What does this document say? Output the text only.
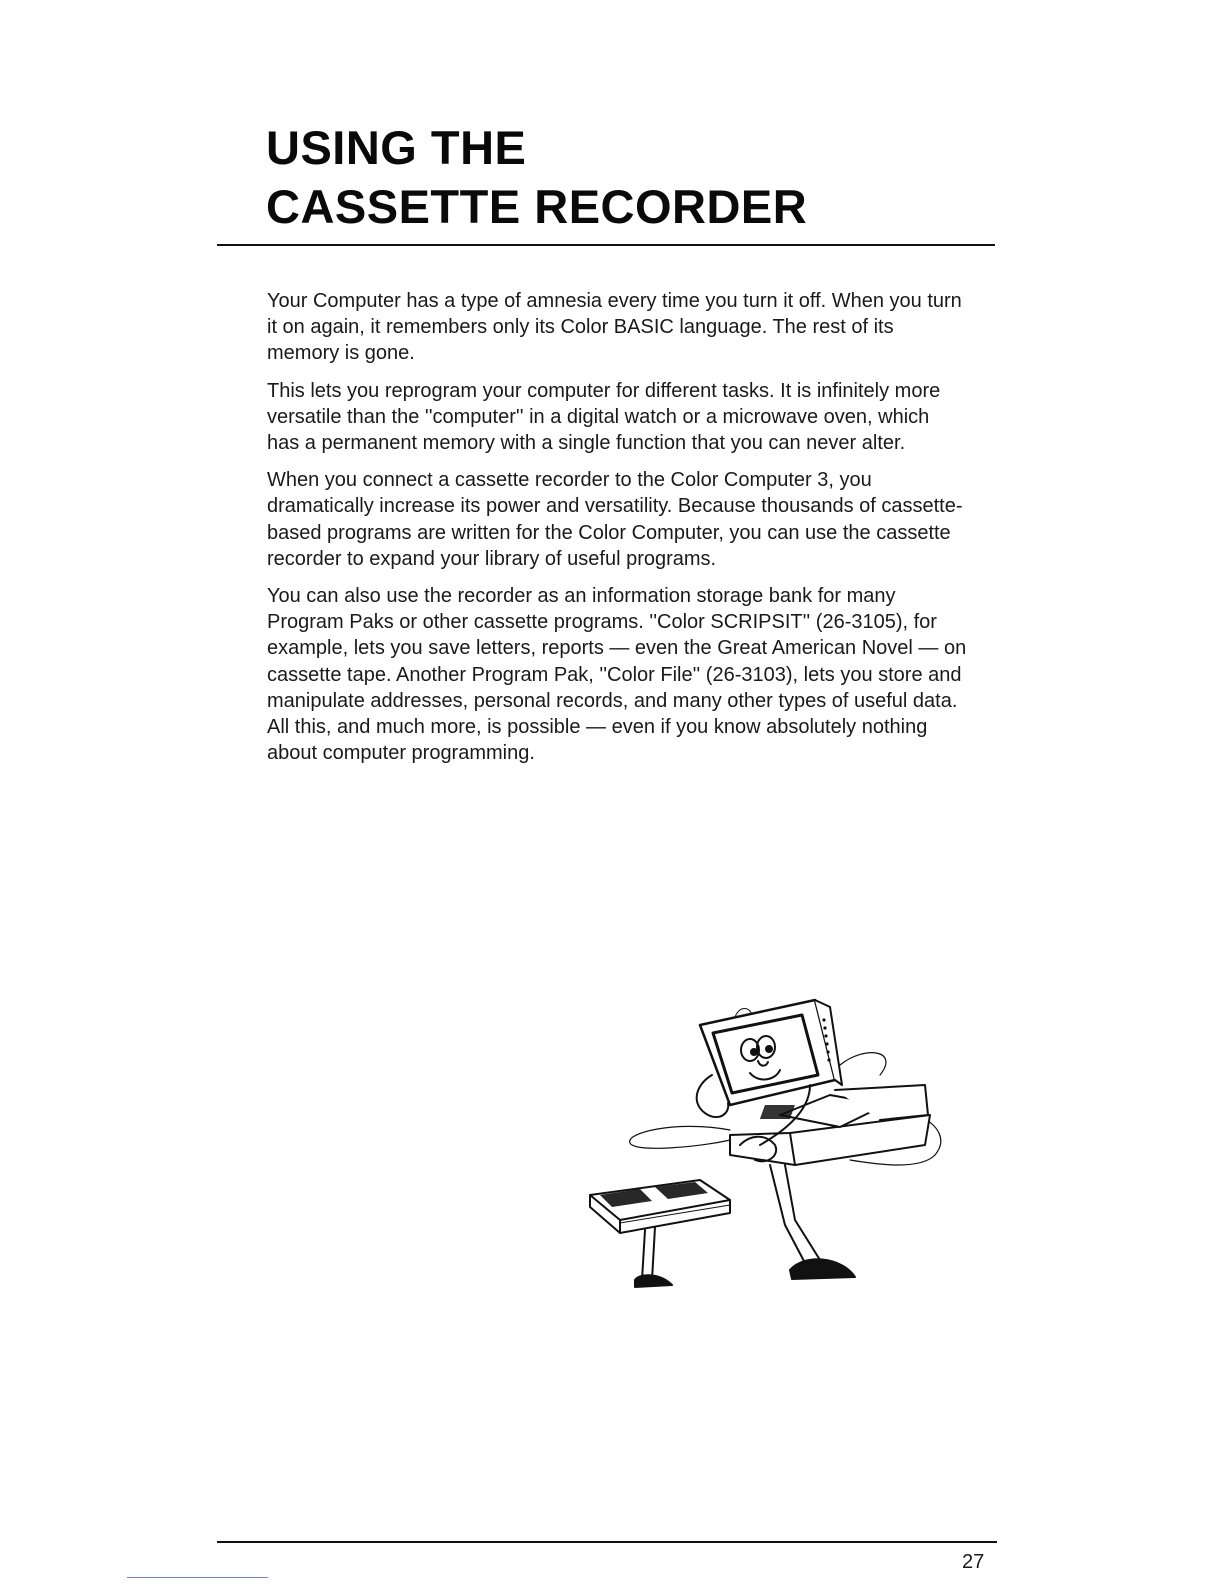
USING THE
CASSETTE RECORDER

Your Computer has a type of amnesia every time you turn it off. When you turn it on again, it remembers only its Color BASIC language. The rest of its memory is gone.

This lets you reprogram your computer for different tasks. It is infinitely more versatile than the ''computer'' in a digital watch or a microwave oven, which has a permanent memory with a single function that you can never alter.

When you connect a cassette recorder to the Color Computer 3, you dramatically increase its power and versatility. Because thousands of cassette-based programs are written for the Color Computer, you can use the cassette recorder to expand your library of useful programs.

You can also use the recorder as an information storage bank for many Program Paks or other cassette programs. ''Color SCRIPSIT'' (26-3105), for example, lets you save letters, reports — even the Great American Novel — on cassette tape. Another Program Pak, ''Color File'' (26-3103), lets you store and manipulate addresses, personal records, and many other types of useful data. All this, and much more, is possible — even if you know absolutely nothing about computer programming.

27
